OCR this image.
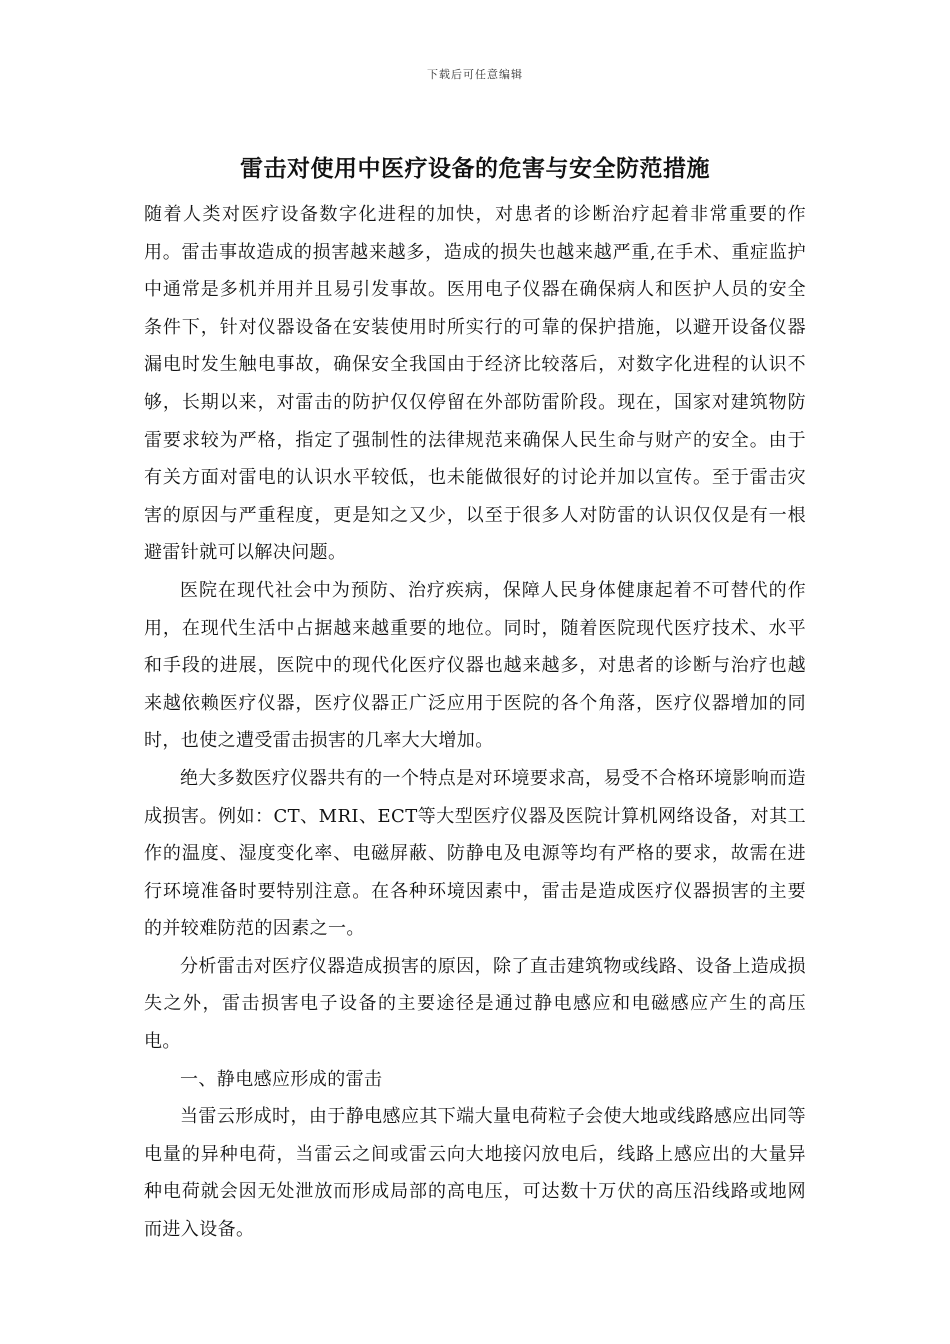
下载后可任意编辑
雷击对使用中医疗设备的危害与安全防范措施

随着人类对医疗设备数字化进程的加快，对患者的诊断治疗起着非常重要的作用。雷击事故造成的损害越来越多，造成的损失也越来越严重,在手术、重症监护中通常是多机并用并且易引发事故。医用电子仪器在确保病人和医护人员的安全条件下，针对仪器设备在安装使用时所实行的可靠的保护措施，以避开设备仪器漏电时发生触电事故，确保安全我国由于经济比较落后，对数字化进程的认识不够，长期以来，对雷击的防护仅仅停留在外部防雷阶段。现在，国家对建筑物防雷要求较为严格，指定了强制性的法律规范来确保人民生命与财产的安全。由于有关方面对雷电的认识水平较低，也未能做很好的讨论并加以宣传。至于雷击灾害的原因与严重程度，更是知之又少，以至于很多人对防雷的认识仅仅是有一根避雷针就可以解决问题。

医院在现代社会中为预防、治疗疾病，保障人民身体健康起着不可替代的作用，在现代生活中占据越来越重要的地位。同时，随着医院现代医疗技术、水平和手段的进展，医院中的现代化医疗仪器也越来越多，对患者的诊断与治疗也越来越依赖医疗仪器，医疗仪器正广泛应用于医院的各个角落，医疗仪器增加的同时，也使之遭受雷击损害的几率大大增加。

绝大多数医疗仪器共有的一个特点是对环境要求高，易受不合格环境影响而造成损害。例如：CT、MRI、ECT等大型医疗仪器及医院计算机网络设备，对其工作的温度、湿度变化率、电磁屏蔽、防静电及电源等均有严格的要求，故需在进行环境准备时要特别注意。在各种环境因素中，雷击是造成医疗仪器损害的主要的并较难防范的因素之一。

分析雷击对医疗仪器造成损害的原因，除了直击建筑物或线路、设备上造成损失之外，雷击损害电子设备的主要途径是通过静电感应和电磁感应产生的高压电。

一、静电感应形成的雷击

当雷云形成时，由于静电感应其下端大量电荷粒子会使大地或线路感应出同等电量的异种电荷，当雷云之间或雷云向大地接闪放电后，线路上感应出的大量异种电荷就会因无处泄放而形成局部的高电压，可达数十万伏的高压沿线路或地网而进入设备。
